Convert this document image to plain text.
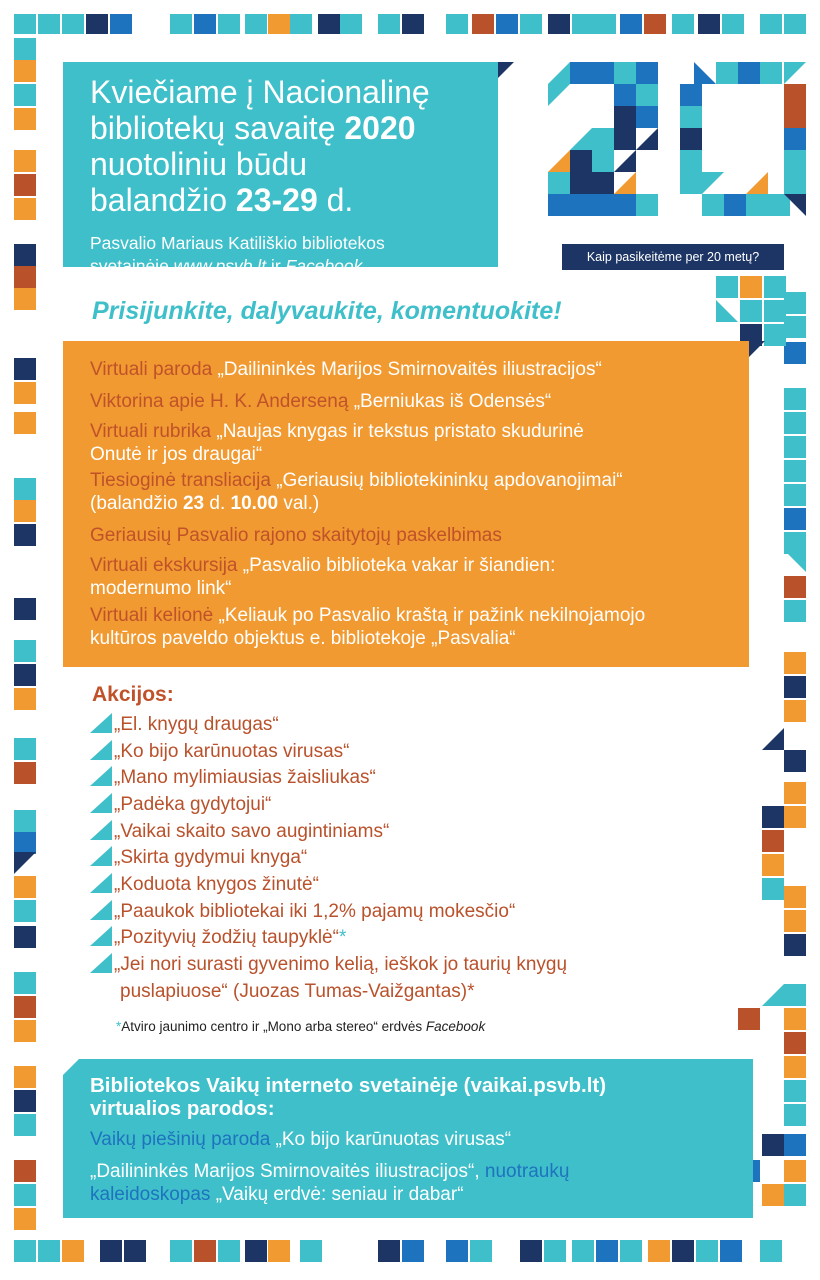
Kviečiame į Nacionalinę
bibliotekų savaitę 2020
nuotoliniu būdu
balandžio 23-29 d.
Pasvalio Mariaus Katiliškio bibliotekos
svetainėje www.psvb.lt ir Facebook.
20
Kaip pasikeitėme per 20 metų?
Prisijunkite, dalyvaukite, komentuokite!
Virtuali paroda „Dailininkės Marijos Smirnovaitės iliustracijos“
Viktorina apie H. K. Anderseną „Berniukas iš Odensės“
Virtuali rubrika „Naujas knygas ir tekstus pristato skudurinė
Onutė ir jos draugai“
Tiesioginė transliacija „Geriausių bibliotekininkų apdovanojimai“
(balandžio 23 d. 10.00 val.)
Geriausių Pasvalio rajono skaitytojų paskelbimas
Virtuali ekskursija „Pasvalio biblioteka vakar ir šiandien:
modernumo link“
Virtuali kelionė „Keliauk po Pasvalio kraštą ir pažink nekilnojamojo
kultūros paveldo objektus e. bibliotekoje „Pasvalia“
Akcijos:
„El. knygų draugas“
„Ko bijo karūnuotas virusas“
„Mano mylimiausias žaisliukas“
„Padėka gydytojui“
„Vaikai skaito savo augintiniams“
„Skirta gydymui knyga“
„Koduota knygos žinutė“
„Paaukok bibliotekai iki 1,2% pajamų mokesčio“
„Pozityvių žodžių taupyklė“*
„Jei nori surasti gyvenimo kelią, ieškok jo taurių knygų
puslapiuose“ (Juozas Tumas-Vaižgantas)*
*Atviro jaunimo centro ir „Mono arba stereo“ erdvės Facebook
Bibliotekos Vaikų interneto svetainėje (vaikai.psvb.lt)
virtualios parodos:
Vaikų piešinių paroda „Ko bijo karūnuotas virusas“
„Dailininkės Marijos Smirnovaitės iliustracijos“, nuotraukų
kaleidoskopas „Vaikų erdvė: seniau ir dabar“
